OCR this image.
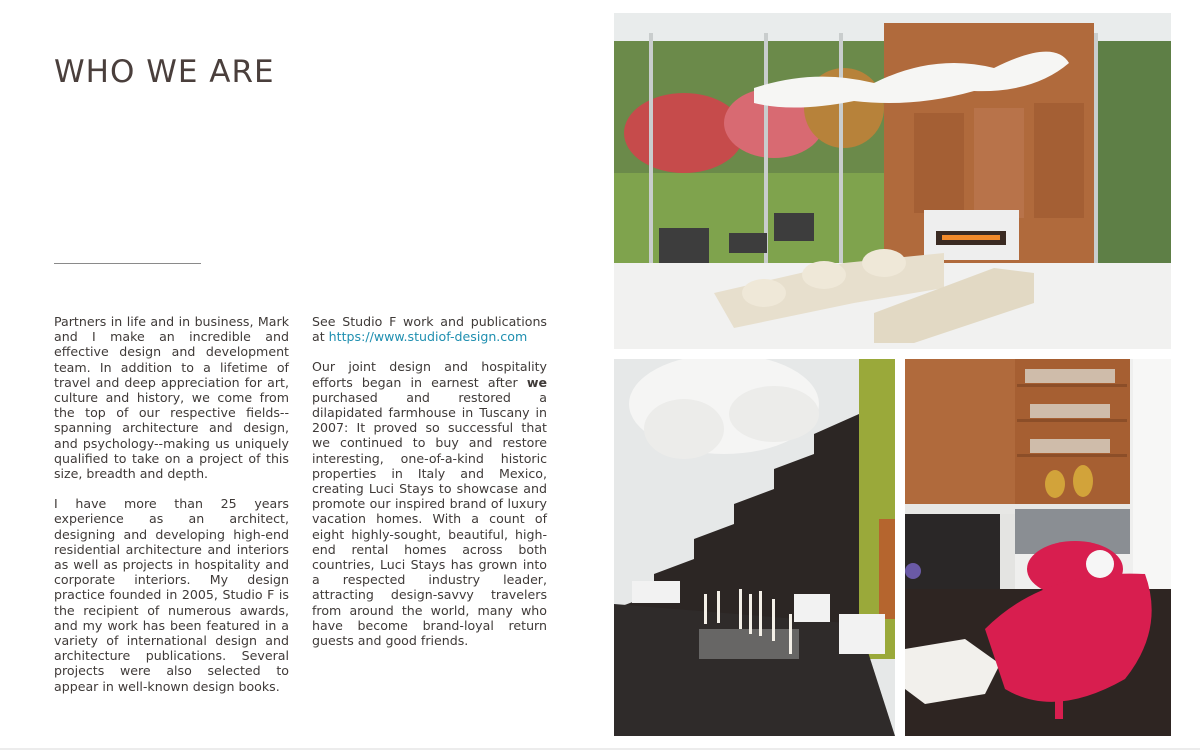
WHO WE ARE

Partners in life and in business, Mark and I make an incredible and effective design and development team. In addition to a lifetime of travel and deep appreciation for art, culture and history, we come from the top of our respective fields--spanning architecture and design, and psychology--making us uniquely qualified to take on a project of this size, breadth and depth.

I have more than 25 years experience as an architect, designing and developing high-end residential architecture and interiors as well as projects in hospitality and corporate interiors. My design practice founded in 2005, Studio F is the recipient of numerous awards, and my work has been featured in a variety of international design and architecture publications. Several projects were also selected to appear in well-known design books.

See Studio F work and publications at https://www.studiof-design.com

Our joint design and hospitality efforts began in earnest after we purchased and restored a dilapidated farmhouse in Tuscany in 2007: It proved so successful that we continued to buy and restore interesting, one-of-a-kind historic properties in Italy and Mexico, creating Luci Stays to showcase and promote our inspired brand of luxury vacation homes. With a count of eight highly-sought, beautiful, high-end rental homes across both countries, Luci Stays has grown into a respected industry leader, attracting design-savvy travelers from around the world, many who have become brand-loyal return guests and good friends.
